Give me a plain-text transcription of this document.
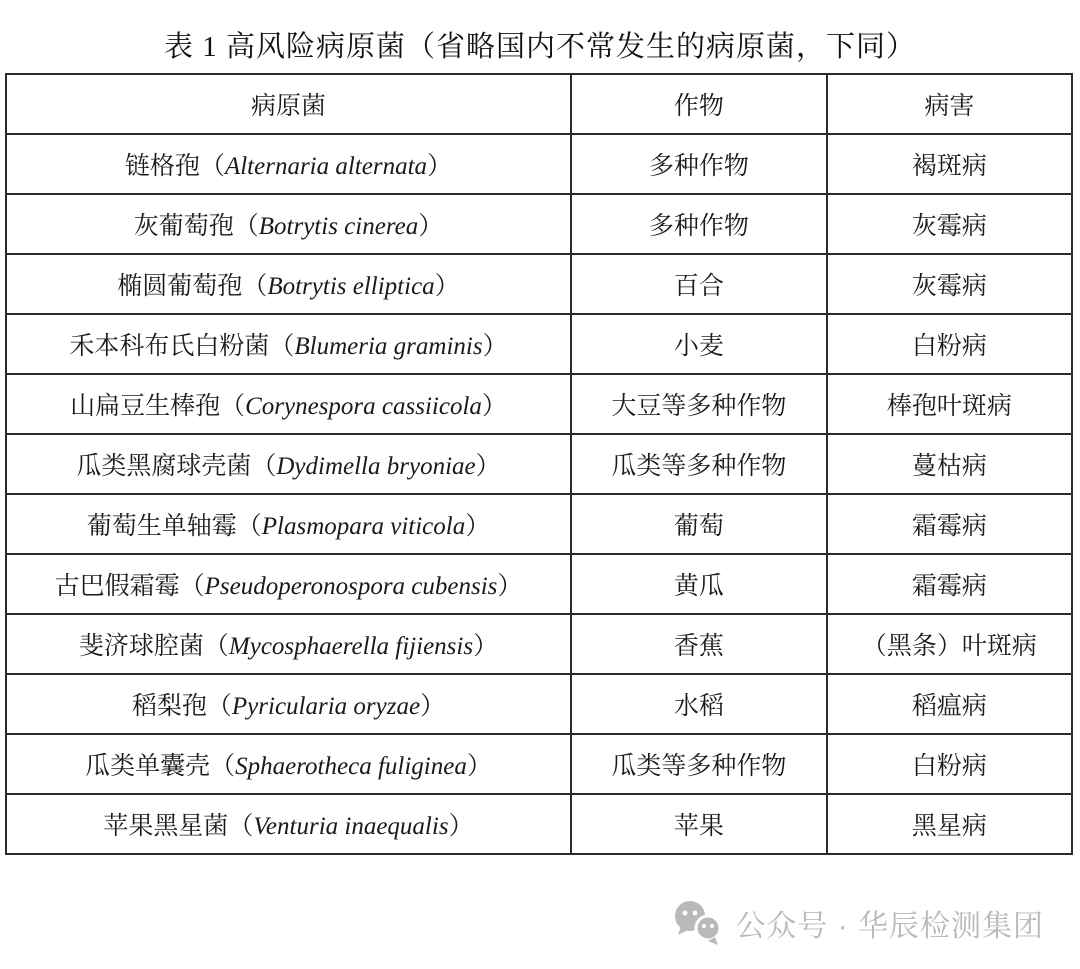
表 1 高风险病原菌（省略国内不常发生的病原菌，下同）
病原菌	作物	病害
链格孢（Alternaria alternata）	多种作物	褐斑病
灰葡萄孢（Botrytis cinerea）	多种作物	灰霉病
椭圆葡萄孢（Botrytis elliptica）	百合	灰霉病
禾本科布氏白粉菌（Blumeria graminis）	小麦	白粉病
山扁豆生棒孢（Corynespora cassiicola）	大豆等多种作物	棒孢叶斑病
瓜类黑腐球壳菌（Dydimella bryoniae）	瓜类等多种作物	蔓枯病
葡萄生单轴霉（Plasmopara viticola）	葡萄	霜霉病
古巴假霜霉（Pseudoperonospora cubensis）	黄瓜	霜霉病
斐济球腔菌（Mycosphaerella fijiensis）	香蕉	（黑条）叶斑病
稻梨孢（Pyricularia oryzae）	水稻	稻瘟病
瓜类单囊壳（Sphaerotheca fuliginea）	瓜类等多种作物	白粉病
苹果黑星菌（Venturia inaequalis）	苹果	黑星病
公众号 · 华辰检测集团
